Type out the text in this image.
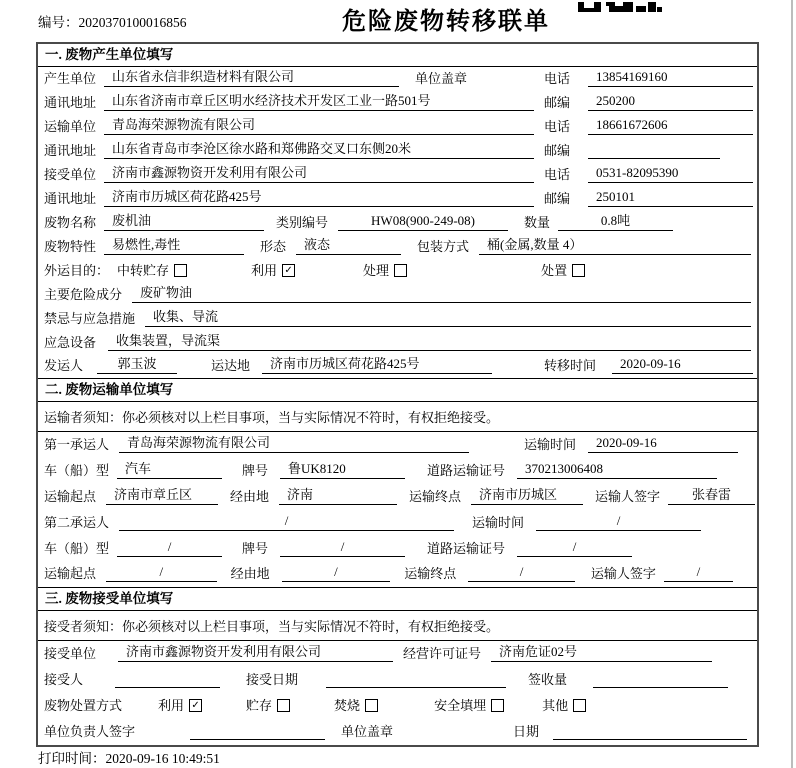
编号：2020370100016856	危险废物转移联单
一. 废物产生单位填写
产生单位	山东省永信非织造材料有限公司	单位盖章	电话	13854169160
通讯地址	山东省济南市章丘区明水经济技术开发区工业一路501号	邮编	250200
运输单位	青岛海荣源物流有限公司	电话	18661672606
通讯地址	山东省青岛市李沧区徐水路和郑佛路交叉口东侧20米	邮编
接受单位	济南市鑫源物资开发利用有限公司	电话	0531-82095390
通讯地址	济南市历城区荷花路425号	邮编	250101
废物名称	废机油	类别编号	HW08(900-249-08)	数量	0.8吨
废物特性	易燃性,毒性	形态	液态	包装方式	桶(金属,数量 4）
外运目的： 中转贮存	利用 ✓	处理	处置
主要危险成分	废矿物油
禁忌与应急措施	收集、导流
应急设备	收集装置，导流渠
发运人	郭玉波	运达地	济南市历城区荷花路425号	转移时间	2020-09-16
二. 废物运输单位填写
运输者须知： 你必须核对以上栏目事项，当与实际情况不符时，有权拒绝接受。
第一承运人	青岛海荣源物流有限公司	运输时间	2020-09-16
车（船）型	汽车	牌号	鲁UK8120	道路运输证号	370213006408
运输起点	济南市章丘区	经由地	济南	运输终点	济南市历城区	运输人签字	张春雷
第二承运人	/	运输时间	/
车（船）型	/	牌号	/	道路运输证号	/
运输起点	/	经由地	/	运输终点	/	运输人签字	/
三. 废物接受单位填写
接受者须知： 你必须核对以上栏目事项，当与实际情况不符时，有权拒绝接受。
接受单位	济南市鑫源物资开发利用有限公司	经营许可证号	济南危证02号
接受人	接受日期	签收量
废物处置方式	利用 ✓	贮存	焚烧	安全填埋	其他
单位负责人签字	单位盖章	日期
打印时间：2020-09-16 10:49:51
